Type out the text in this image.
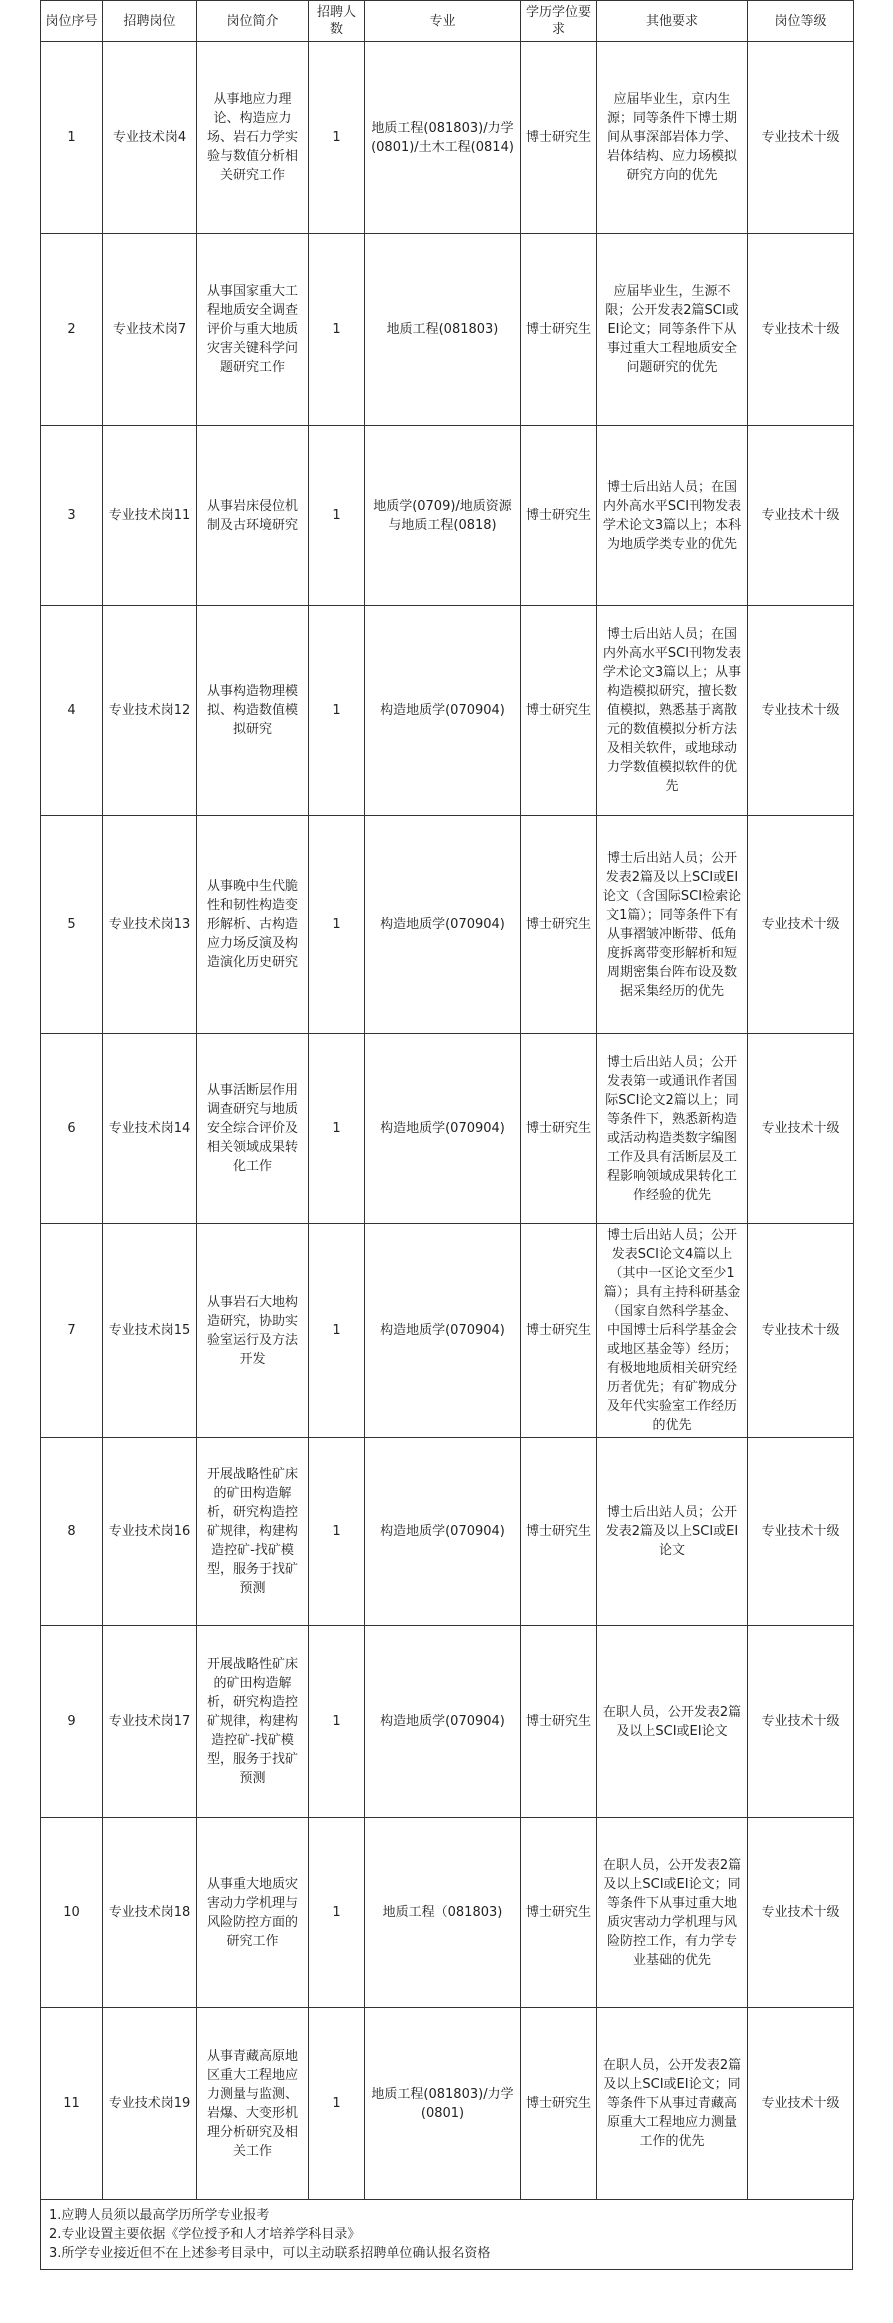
岗位序号	招聘岗位	岗位简介	招聘人数	专业	学历学位要求	其他要求	岗位等级
1	专业技术岗4	从事地应力理论、构造应力场、岩石力学实验与数值分析相关研究工作	1	地质工程(081803)/力学(0801)/土木工程(0814)	博士研究生	应届毕业生，京内生源；同等条件下博士期间从事深部岩体力学、岩体结构、应力场模拟研究方向的优先	专业技术十级
2	专业技术岗7	从事国家重大工程地质安全调查评价与重大地质灾害关键科学问题研究工作	1	地质工程(081803)	博士研究生	应届毕业生，生源不限；公开发表2篇SCI或EI论文；同等条件下从事过重大工程地质安全问题研究的优先	专业技术十级
3	专业技术岗11	从事岩床侵位机制及古环境研究	1	地质学(0709)/地质资源与地质工程(0818)	博士研究生	博士后出站人员；在国内外高水平SCI刊物发表学术论文3篇以上；本科为地质学类专业的优先	专业技术十级
4	专业技术岗12	从事构造物理模拟、构造数值模拟研究	1	构造地质学(070904)	博士研究生	博士后出站人员；在国内外高水平SCI刊物发表学术论文3篇以上；从事构造模拟研究，擅长数值模拟，熟悉基于离散元的数值模拟分析方法及相关软件，或地球动力学数值模拟软件的优先	专业技术十级
5	专业技术岗13	从事晚中生代脆性和韧性构造变形解析、古构造应力场反演及构造演化历史研究	1	构造地质学(070904)	博士研究生	博士后出站人员；公开发表2篇及以上SCI或EI论文（含国际SCI检索论文1篇）；同等条件下有从事褶皱冲断带、低角度拆离带变形解析和短周期密集台阵布设及数据采集经历的优先	专业技术十级
6	专业技术岗14	从事活断层作用调查研究与地质安全综合评价及相关领域成果转化工作	1	构造地质学(070904)	博士研究生	博士后出站人员；公开发表第一或通讯作者国际SCI论文2篇以上；同等条件下，熟悉新构造或活动构造类数字编图工作及具有活断层及工程影响领域成果转化工作经验的优先	专业技术十级
7	专业技术岗15	从事岩石大地构造研究，协助实验室运行及方法开发	1	构造地质学(070904)	博士研究生	博士后出站人员；公开发表SCI论文4篇以上（其中一区论文至少1篇）；具有主持科研基金（国家自然科学基金、中国博士后科学基金会或地区基金等）经历；有极地地质相关研究经历者优先；有矿物成分及年代实验室工作经历的优先	专业技术十级
8	专业技术岗16	开展战略性矿床的矿田构造解析，研究构造控矿规律，构建构造控矿-找矿模型，服务于找矿预测	1	构造地质学(070904)	博士研究生	博士后出站人员；公开发表2篇及以上SCI或EI论文	专业技术十级
9	专业技术岗17	开展战略性矿床的矿田构造解析，研究构造控矿规律，构建构造控矿-找矿模型，服务于找矿预测	1	构造地质学(070904)	博士研究生	在职人员，公开发表2篇及以上SCI或EI论文	专业技术十级
10	专业技术岗18	从事重大地质灾害动力学机理与风险防控方面的研究工作	1	地质工程（081803)	博士研究生	在职人员，公开发表2篇及以上SCI或EI论文；同等条件下从事过重大地质灾害动力学机理与风险防控工作，有力学专业基础的优先	专业技术十级
11	专业技术岗19	从事青藏高原地区重大工程地应力测量与监测、岩爆、大变形机理分析研究及相关工作	1	地质工程(081803)/力学(0801)	博士研究生	在职人员，公开发表2篇及以上SCI或EI论文；同等条件下从事过青藏高原重大工程地应力测量工作的优先	专业技术十级
1.应聘人员须以最高学历所学专业报考
2.专业设置主要依据《学位授予和人才培养学科目录》
3.所学专业接近但不在上述参考目录中，可以主动联系招聘单位确认报名资格
